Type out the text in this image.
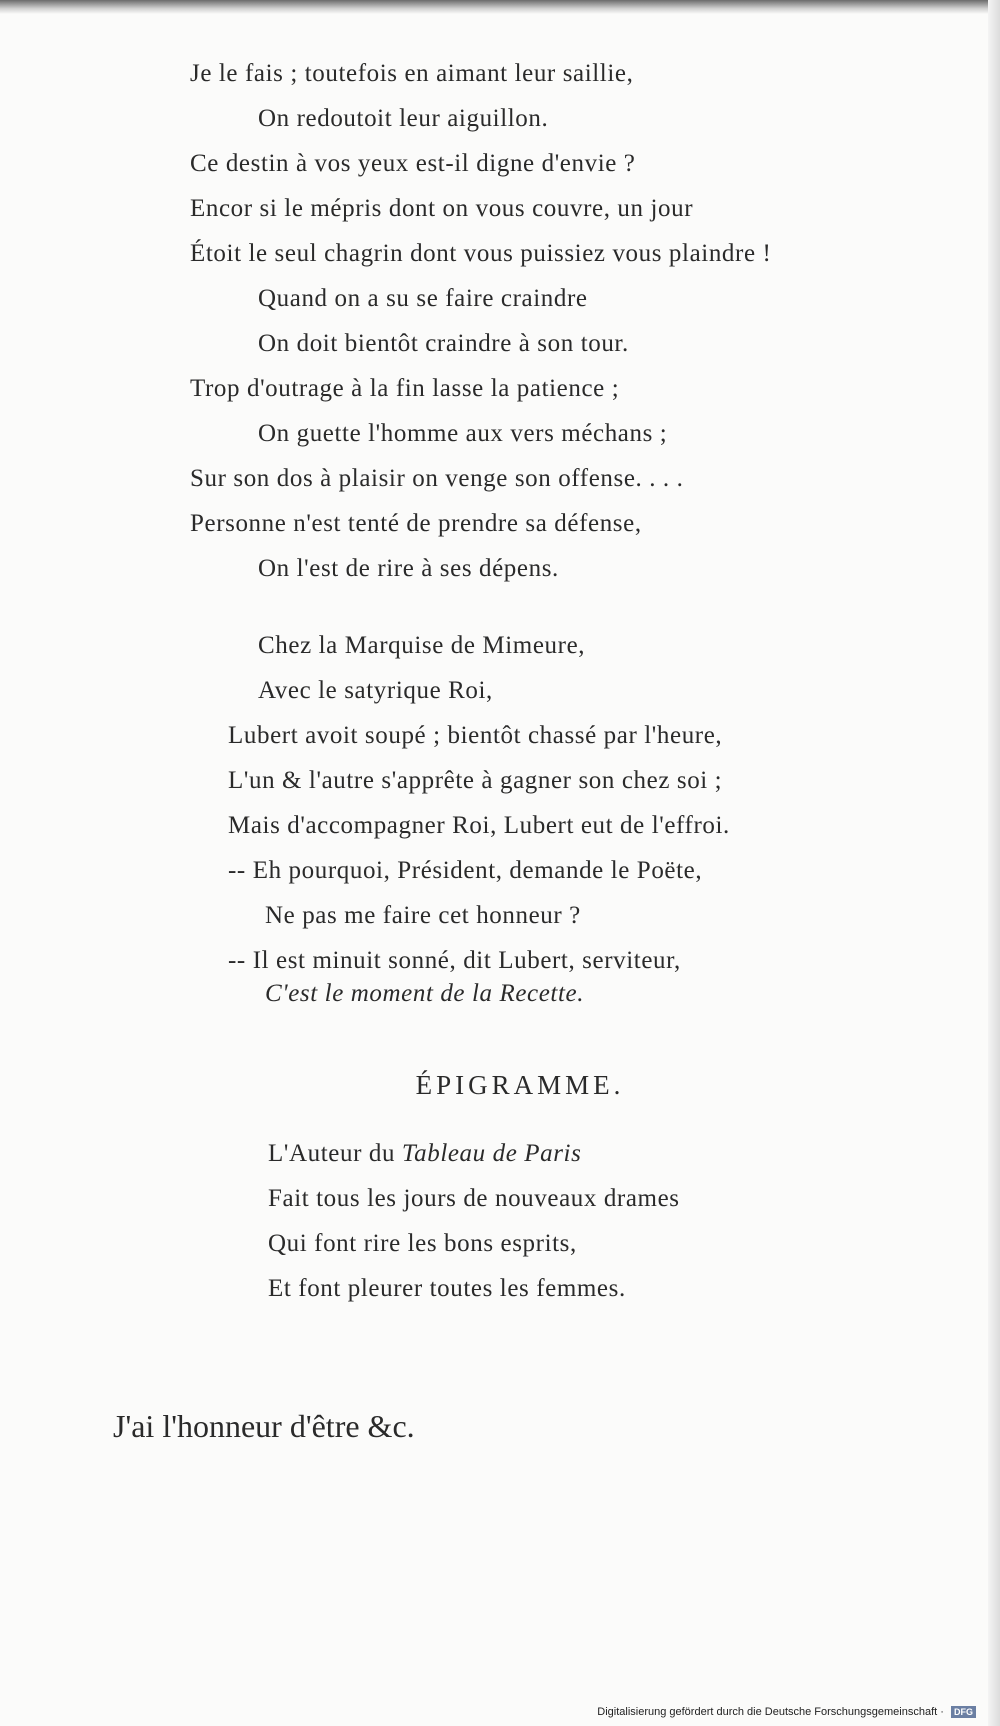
Je le fais ; toutefois en aimant leur saillie,
On redoutoit leur aiguillon.
Ce destin à vos yeux est-il digne d'envie ?
Encor si le mépris dont on vous couvre, un jour
Étoit le seul chagrin dont vous puissiez vous plaindre !
Quand on a su se faire craindre
On doit bientôt craindre à son tour.
Trop d'outrage à la fin lasse la patience ;
On guette l'homme aux vers méchans ;
Sur son dos à plaisir on venge son offense. . . .
Personne n'est tenté de prendre sa défense,
On l'est de rire à ses dépens.
Chez la Marquise de Mimeure,
Avec le satyrique Roi,
Lubert avoit soupé ; bientôt chassé par l'heure,
L'un & l'autre s'apprête à gagner son chez soi ;
Mais d'accompagner Roi, Lubert eut de l'effroi.
-- Eh pourquoi, Président, demande le Poëte,
Ne pas me faire cet honneur ?
-- Il est minuit sonné, dit Lubert, serviteur,
C'est le moment de la Recette.
ÉPIGRAMME.
L'Auteur du Tableau de Paris
Fait tous les jours de nouveaux drames
Qui font rire les bons esprits,
Et font pleurer toutes les femmes.
J'ai l'honneur d'être &c.
Digitalisierung gefördert durch die Deutsche Forschungsgemeinschaft · DFG
